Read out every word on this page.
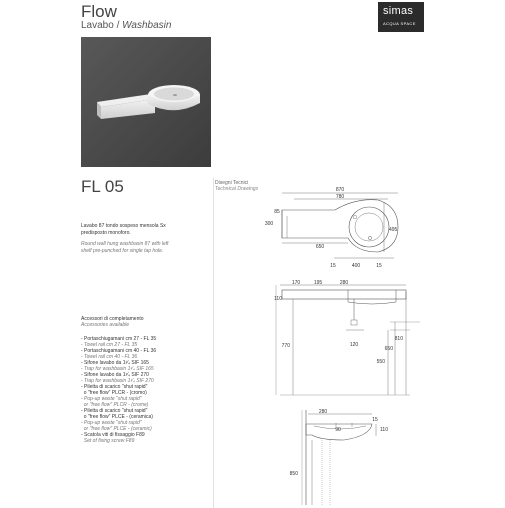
Flow
Lavabo / Washbasin
simas
ACQUA SPACE
FL 05	Disegni Tecnici
Technical Drawings
Lavabo 87 tondo sospeso mensola Sx
predisposto monoforo.
Round wall hung washbasin 87 with left
shelf pre-punched for single tap hole.
Accessori di completamento
Accessories available
- Portaschiugamani cm 27 - FL 35
- Towel rail cm 27 - FL 35
- Portaschiugamani cm 40 - FL 36
- Towel rail cm 40 - FL 36
- Sifone lavabo da 1¹⁄₄ SIF 165
- Trap for washbasin 1¹⁄₄ SIF 165
- Sifone lavabo da 1¹⁄₄ SIF 270
- Trap for washbasin 1¹⁄₄ SIF 270
- Piletta di scarico "shut rapid"
o "free flow" PLCR - (cromo)
- Pop-up waste "shut rapid"
or "free flow" PLCR - (crome)
- Piletta di scarico "shut rapid"
o "free flow" PLCE - (ceramica)
- Pop-up waste "shut rapid"
or "free flow" PLCE - (ceramic)
- Scatola viti di fissaggio F89
Set of fixing screw F89
870
780
85
300
650
495
15	400	15
170	195	280
110
120
770
550
650
810
280
90
15
110
850
